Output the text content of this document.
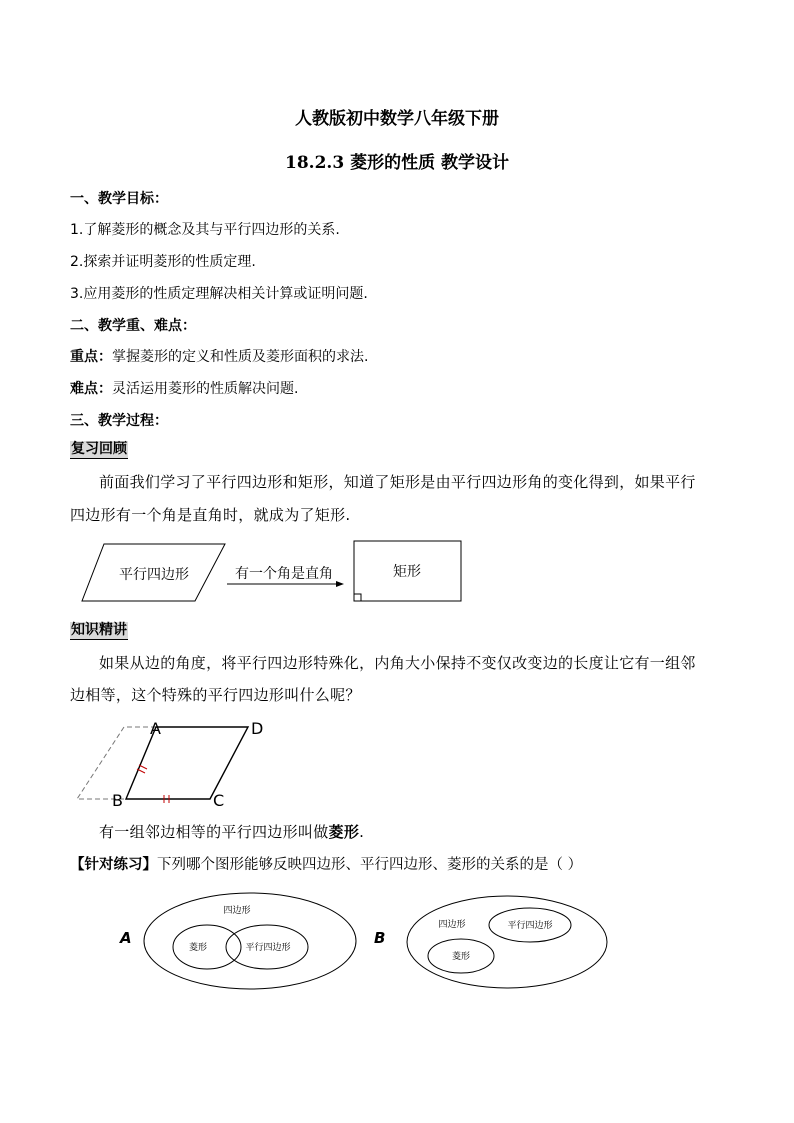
人教版初中数学八年级下册
18.2.3 菱形的性质 教学设计
一、教学目标：
1.了解菱形的概念及其与平行四边形的关系.
2.探索并证明菱形的性质定理.
3.应用菱形的性质定理解决相关计算或证明问题.
二、教学重、难点：
重点：掌握菱形的定义和性质及菱形面积的求法.
难点：灵活运用菱形的性质解决问题.
三、教学过程：
复习回顾
前面我们学习了平行四边形和矩形，知道了矩形是由平行四边形角的变化得到，如果平行
四边形有一个角是直角时，就成为了矩形.
平行四边形	有一个角是直角	矩形
知识精讲
如果从边的角度，将平行四边形特殊化，内角大小保持不变仅改变边的长度让它有一组邻
边相等，这个特殊的平行四边形叫什么呢？
A	D
B	C
有一组邻边相等的平行四边形叫做菱形.
【针对练习】下列哪个图形能够反映四边形、平行四边形、菱形的关系的是（ ）
A
四边形
菱形	平行四边形
B
四边形	平行四边形
菱形
